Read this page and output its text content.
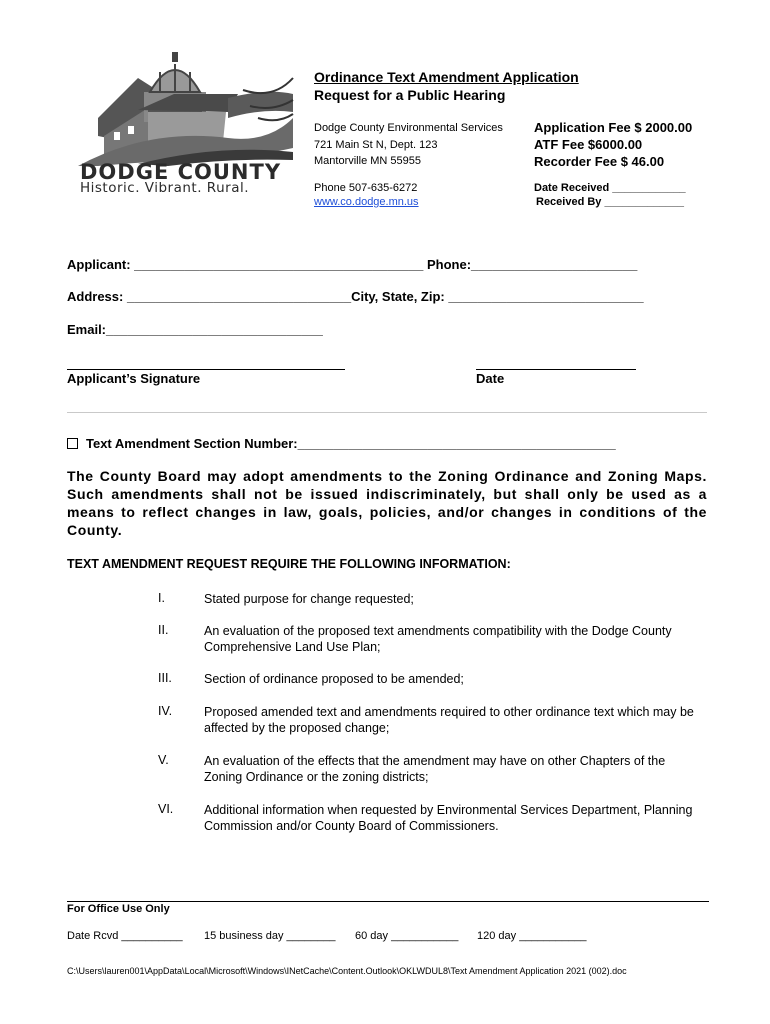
DODGE COUNTY
Historic. Vibrant. Rural.
Ordinance Text Amendment Application
Request for a Public Hearing
Dodge County Environmental Services
721 Main St N, Dept. 123
Mantorville MN 55955
Phone 507-635-6272
www.co.dodge.mn.us
Application Fee $ 2000.00
ATF Fee $6000.00
Recorder Fee $ 46.00
Date Received ____________
Received By _____________
Applicant: ________________________________________ Phone:_______________________
Address: _______________________________City, State, Zip: ___________________________
Email:______________________________
Applicant’s Signature	Date
Text Amendment Section Number:____________________________________________
The County Board may adopt amendments to the Zoning Ordinance and Zoning Maps. Such amendments shall not be issued indiscriminately, but shall only be used as a means to reflect changes in law, goals, policies, and/or changes in conditions of the County.
TEXT AMENDMENT REQUEST REQUIRE THE FOLLOWING INFORMATION:
I.	Stated purpose for change requested;
II.	An evaluation of the proposed text amendments compatibility with the Dodge County Comprehensive Land Use Plan;
III.	Section of ordinance proposed to be amended;
IV.	Proposed amended text and amendments required to other ordinance text which may be affected by the proposed change;
V.	An evaluation of the effects that the amendment may have on other Chapters of the Zoning Ordinance or the zoning districts;
VI. Additional information when requested by Environmental Services Department, Planning Commission and/or County Board of Commissioners.
For Office Use Only
Date Rcvd __________ 15 business day ________ 60 day ___________ 120 day ___________
C:\Users\lauren001\AppData\Local\Microsoft\Windows\INetCache\Content.Outlook\OKLWDUL8\Text Amendment Application 2021 (002).doc
